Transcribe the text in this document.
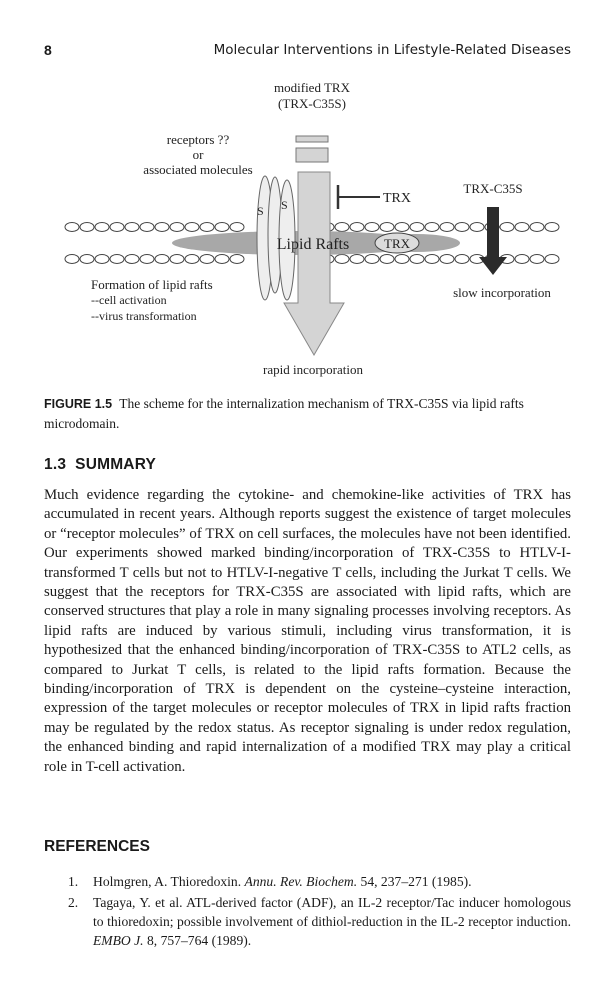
8	Molecular Interventions in Lifestyle-Related Diseases
modified TRX
(TRX-C35S)
receptors ??
or
associated molecules
TRX
TRX-C35S
S S
Lipid Rafts	TRX
Formation of lipid rafts
--cell activation
--virus transformation
slow incorporation
rapid incorporation
FIGURE 1.5 The scheme for the internalization mechanism of TRX-C35S via lipid rafts microdomain.
1.3 SUMMARY

Much evidence regarding the cytokine- and chemokine-like activities of TRX has accumulated in recent years. Although reports suggest the existence of target molecules or “receptor molecules” of TRX on cell surfaces, the molecules have not been identified. Our experiments showed marked binding/incorporation of TRX-C35S to HTLV-I-transformed T cells but not to HTLV-I-negative T cells, including the Jurkat T cells. We suggest that the receptors for TRX-C35S are associated with lipid rafts, which are conserved structures that play a role in many signaling processes involving receptors. As lipid rafts are induced by various stimuli, including virus transformation, it is hypothesized that the enhanced binding/incorporation of TRX-C35S to ATL2 cells, as compared to Jurkat T cells, is related to the lipid rafts formation. Because the binding/incorporation of TRX is dependent on the cysteine–cysteine interaction, expression of the target molecules or receptor molecules of TRX in lipid rafts fraction may be regulated by the redox status. As receptor signaling is under redox regulation, the enhanced binding and rapid internalization of a modified TRX may play a critical role in T-cell activation.

REFERENCES
1. Holmgren, A. Thioredoxin. Annu. Rev. Biochem. 54, 237–271 (1985).
2. Tagaya, Y. et al. ATL-derived factor (ADF), an IL-2 receptor/Tac inducer homologous to thioredoxin; possible involvement of dithiol-reduction in the IL-2 receptor induction. EMBO J. 8, 757–764 (1989).
